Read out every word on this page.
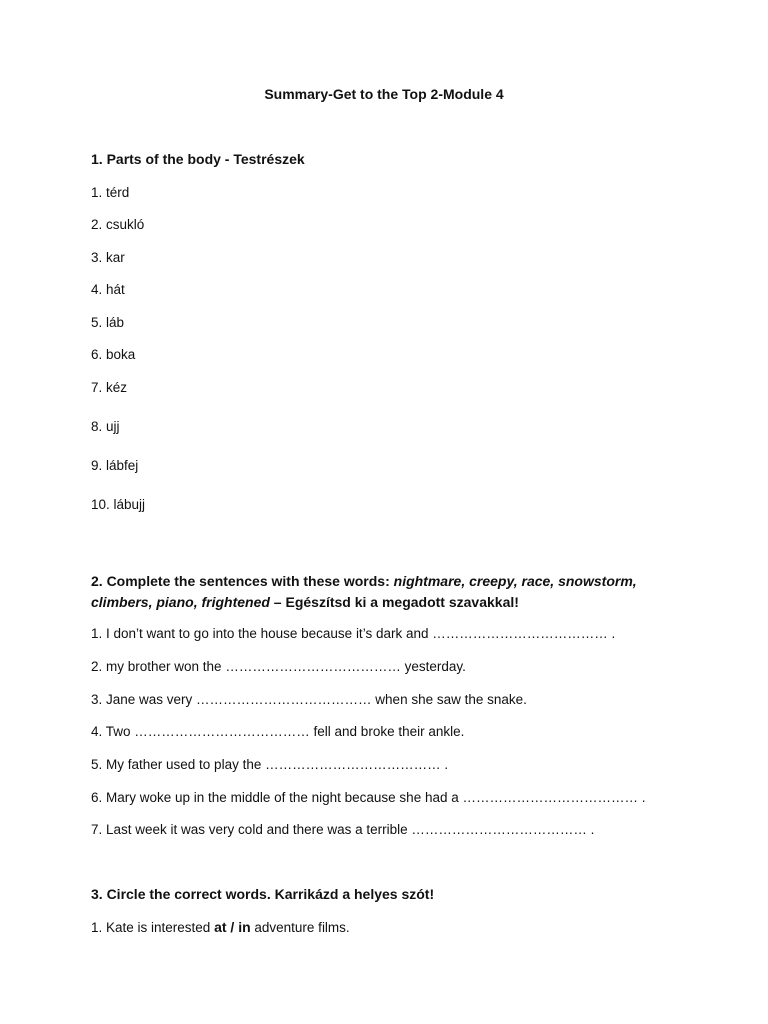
Summary-Get to the Top 2-Module 4
1. Parts of the body - Testrészek
1. térd
2. csukló
3. kar
4. hát
5. láb
6. boka
7. kéz
8. ujj
9. lábfej
10. lábujj
2. Complete the sentences with these words: nightmare, creepy, race, snowstorm, climbers, piano, frightened – Egészítsd ki a megadott szavakkal!
1. I don’t want to go into the house because it’s dark and ………………………………… .
2. my brother won the ………………………………… yesterday.
3. Jane was very ………………………………… when she saw the snake.
4. Two ………………………………… fell and broke their ankle.
5. My father used to play the ………………………………… .
6. Mary woke up in the middle of the night because she had a ………………………………… .
7. Last week it was very cold and there was a terrible ………………………………… .
3. Circle the correct words. Karrikázd a helyes szót!
1. Kate is interested at / in adventure films.
